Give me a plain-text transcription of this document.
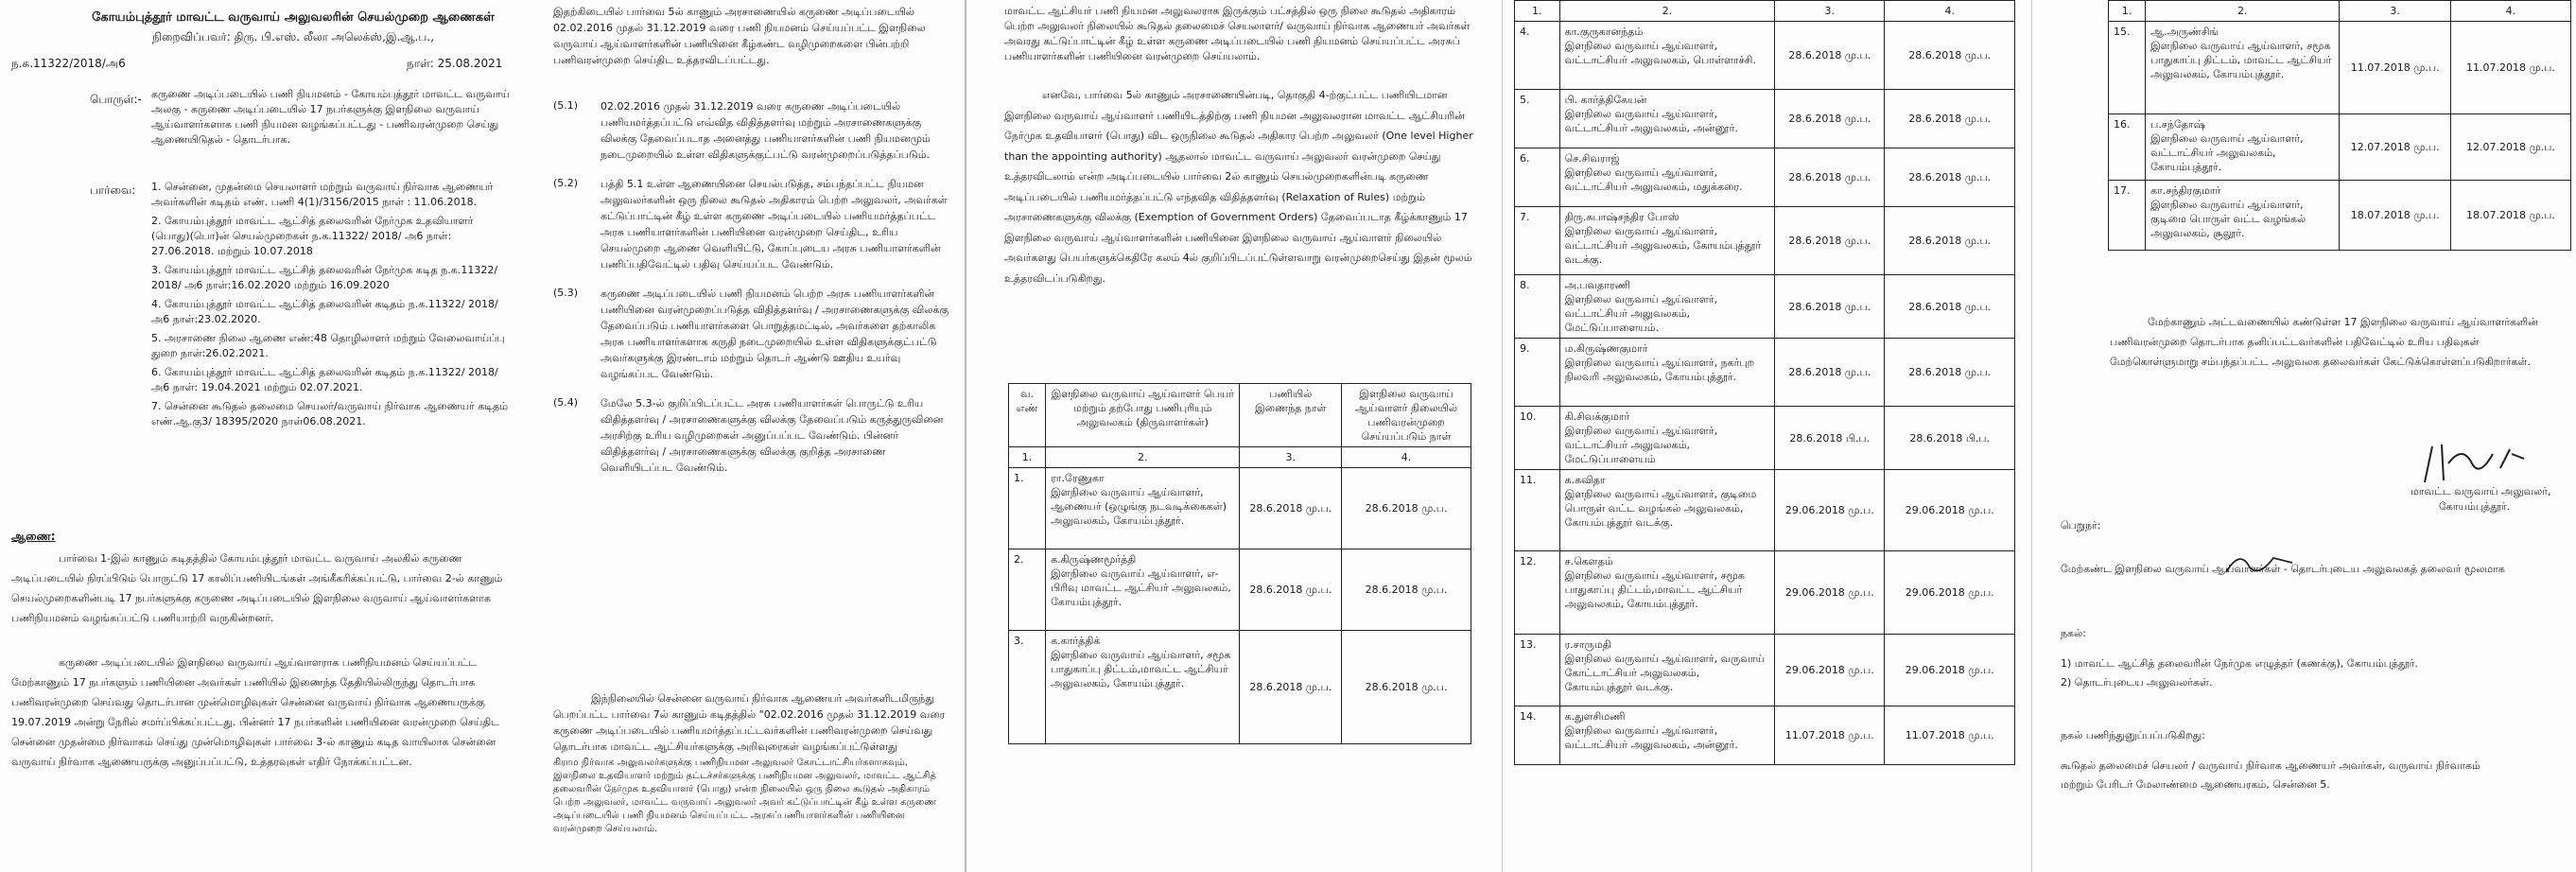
கோயம்புத்தூர் மாவட்ட வருவாய் அலுவலரின் செயல்முறை ஆணைகள்
நிறைவிப்பவர்: திரு. பி.எஸ். லீலா அலெக்ஸ்,இ.ஆ.ப.,
ந.க.11322/2018/அ6	நாள்: 25.08.2021
பொருள்:- கருணை அடிப்படையில் பணி நியமனம் - கோயம்புத்தூர் மாவட்ட வருவாய் அலகு - கருணை அடிப்படையில் 17 நபர்களுக்கு இளநிலை வருவாய் ஆய்வாளர்களாக பணி நியமன வழங்கப்பட்டது - பணிவரன்முறை செய்து ஆணையிடுதல் - தொடர்பாக.
பார்வை: 1. சென்னை, முதன்மை செயலாளர் மற்றும் வருவாய் நிர்வாக ஆணையர் அவர்களின் கடிதம் எண். பணி 4(1)/3156/2015 நாள் : 11.06.2018.
2. கோயம்புத்தூர் மாவட்ட ஆட்சித் தலைவரின் நேர்முக உதவியாளர் (பொது)(பொ)ன் செயல்முறைகள் ந.க.11322/ 2018/ அ6 நாள்: 27.06.2018. மற்றும் 10.07.2018
3. கோயம்புத்தூர் மாவட்ட ஆட்சித் தலைவரின் நேர்முக கடித ந.க.11322/ 2018/ அ6 நாள்:16.02.2020 மற்றும் 16.09.2020
4. கோயம்புத்தூர் மாவட்ட ஆட்சித் தலைவரின் கடிதம் ந.க.11322/ 2018/ அ6 நாள்:23.02.2020.
5. அரசாணை நிலை ஆணை எண்:48 தொழிலாளர் மற்றும் வேலைவாய்ப்பு துறை நாள்:26.02.2021.
6. கோயம்புத்தூர் மாவட்ட ஆட்சித் தலைவரின் கடிதம் ந.க.11322/ 2018/ அ6 நாள்: 19.04.2021 மற்றும் 02.07.2021.
7. சென்னை கூடுதல் தலைமை செயலர்/வருவாய் நிர்வாக ஆணையர் கடிதம் எண்.ஆ.கு3/ 18395/2020 நாள்06.08.2021.
ஆணை:
பார்வை 1-இல் காணும் கடிதத்தில் கோயம்புத்தூர் மாவட்ட வருவாய் அலகில் கருணை அடிப்படையில் நிரப்பிடும் பொருட்டு 17 காலிப்பணியிடங்கள் அங்கீகரிக்கப்பட்டு, பார்வை 2-ல் காணும் செயல்முறைகளின்படி 17 நபர்களுக்கு கருணை அடிப்படையில் இளநிலை வருவாய் ஆய்வாளர்களாக பணிநியமனம் வழங்கப்பட்டு பணியாற்றி வருகின்றனர்.
கருணை அடிப்படையில் இளநிலை வருவாய் ஆய்வாளராக பணிநியமனம் செய்யப்பட்ட மேற்காணும் 17 நபர்களும் பணியினை அவர்கள் பணியில் இணைந்த தேதியில்லிருந்து தொடர்பாக பணிவரன்முறை செய்வது தொடர்பான முன்மொழிவுகள் சென்னை வருவாய் நிர்வாக ஆணையருக்கு 19.07.2019 அன்று நேரில் சமர்ப்பிக்கப்பட்டது. பின்னர் 17 நபர்களின் பணியினை வரன்முறை செய்திட சென்னை முதன்மை நிர்வாகம் செய்து முன்மொழிவுகள் பார்வை 3-ல் காணும் கடித வாயிலாக சென்னை வருவாய் நிர்வாக ஆணையருக்கு அனுப்பப்பட்டு, உத்தரவுகள் எதிர் நோக்கப்பட்டன.
இதற்கிடையில் பார்வை 5ல் காணும் அரசாணையில் கருணை அடிப்படையில் 02.02.2016 முதல் 31.12.2019 வரை பணி நியமனம் செய்யப்பட்ட இளநிலை வருவாய் ஆய்வாளர்களின் பணியினை கீழ்கண்ட வழிமுறைகளை பின்பற்றி பணிவரன்முறை செய்திட உத்தரவிடப்பட்டது.
(5.1)	02.02.2016 முதல் 31.12.2019 வரை கருணை அடிப்படையில் பணியமர்த்தப்பட்டு எவ்வித விதித்தளர்வு மற்றும் அரசாணைகளுக்கு விலக்கு தேவைப்படாத அனைத்து பணியாளர்களின் பணி நியமனமும் நடைமுறையில் உள்ள விதிகளுக்குட்பட்டு வரன்முறைப்படுத்தப்படும்.
(5.2)	பத்தி 5.1 உள்ள ஆணையினை செயல்படுத்த, சம்பந்தப்பட்ட நியமன அலுவலர்களின் ஒரு நிலை கூடுதல் அதிகாரம் பெற்ற அலுவலர், அவர்கள் கட்டுப்பாட்டின் கீழ் உள்ள கருணை அடிப்படையில் பணியமர்த்தப்பட்ட அரசு பணியாளர்களின் பணியினை வரன்முறை செய்திட, உரிய செயல்முறை ஆணை வெளியிட்டு, கோப்புடைய அரசு பணியாளர்களின் பணிப்பதிவேட்டில் பதிவு செய்யப்பட வேண்டும்.
(5.3)	கருணை அடிப்படையில் பணி நியமனம் பெற்ற அரசு பணியாளர்களின் பணியினை வரன்முறைப்படுத்த விதித்தளர்வு / அரசாணைகளுக்கு விலக்கு தேவைப்படும் பணியாளர்களை பொறுத்தமட்டில், அவர்களை தற்காலிக அரசு பணியாளர்களாக கருதி நடைமுறையில் உள்ள விதிகளுக்குட்பட்டு அவர்களுக்கு இரண்டாம் மற்றும் தொடர் ஆண்டு ஊதிய உயர்வு வழங்கப்பட வேண்டும்.
(5.4)	மேலே 5.3-ல் குறிப்பிடப்பட்ட அரசு பணியாளர்கள் பொருட்டு உரிய விதித்தளர்வு / அரசாணைகளுக்கு விலக்கு தேவைப்படும் கருத்துருவினை அரசிற்கு உரிய வழிமுறைகள் அனுப்பப்பட வேண்டும். பின்னர் விதித்தளர்வு / அரசாணைகளுக்கு விலக்கு குறித்த அரசாணை வெளியிடப்பட வேண்டும்.
இந்நிலையில் சென்னை வருவாய் நிர்வாக ஆணையர் அவர்களிடமிருந்து பெறப்பட்ட பார்வை 7ல் காணும் கடிதத்தில் "02.02.2016 முதல் 31.12.2019 வரை கருணை அடிப்படையில் பணியமர்த்தப்பட்டவர்களின் பணிவரன்முறை செய்வது தொடர்பாக மாவட்ட ஆட்சியர்களுக்கு அறிவுரைகள் வழங்கப்பட்டுள்ளது
கிராம நிர்வாக அலுவலர்களுக்கு பணிநியமன அலுவலர் கோட்டாட்சியர்களாகவும், இளநிலை உதவியாளர் மற்றும் தட்டச்சர்களுக்கு பணிநியமன அலுவலர், மாவட்ட ஆட்சித் தலைவரின் நேர்முக உதவியாளர் (பொது) என்ற நிலையில் ஒரு நிலை கூடுதல் அதிகாரம் பெற்ற அலுவலர், மாவட்ட வருவாய் அலுவலர் அவர் கட்டுப்பாட்டின் கீழ் உள்ள கருணை அடிப்படையில் பணி நியமனம் செய்யப்பட்ட அரசுப்பணியாளர்களின் பணியினை வரன்முறை செய்யலாம்.
மாவட்ட ஆட்சியர் பணி நியமன அலுவலராக இருக்கும் பட்சத்தில் ஒரு நிலை கூடுதல் அதிகாரம் பெற்ற அலுவலர் நிலையில் கூடுதல் தலைமைச் செயலாளர்/ வருவாய் நிர்வாக ஆணையர் அவர்கள் அவரது கட்டுப்பாட்டின் கீழ் உள்ள கருணை அடிப்படையில் பணி நியமனம் செய்யப்பட்ட அரசுப் பணியாளர்களின் பணியினை வரன்முறை செய்யலாம்.
எனவே, பார்வை 5ல் காணும் அரசாணையின்படி, தொகுதி 4-ற்குட்பட்ட பணியிடமான இளநிலை வருவாய் ஆய்வாளர் பணியிடத்திற்கு பணி நியமன அலுவலரான மாவட்ட ஆட்சியரின் நேர்முக உதவியாளர் (பொது) விட ஒருநிலை கூடுதல் அதிகார பெற்ற அலுவலர் (One level Higher than the appointing authority) ஆதலால் மாவட்ட வருவாய் அலுவலர் வரன்முறை செய்து உத்தரவிடலாம் என்ற அடிப்படையில் பார்வை 2ல் காணும் செயல்முறைகளின்படி கருணை அடிப்படையில் பணியமர்த்தப்பட்டு எந்தவித விதித்தளர்வு (Relaxation of Rules) மற்றும் அரசாணைகளுக்கு விலக்கு (Exemption of Government Orders) தேவைப்படாத கீழ்க்காணும் 17 இளநிலை வருவாய் ஆய்வாளர்களின் பணியினை இளநிலை வருவாய் ஆய்வாளர் நிலையில் அவர்களது பெயர்களுக்கெதிரே கலம் 4ல் குறிப்பிடப்பட்டுள்ளவாறு வரன்முறைசெய்து இதன் மூலம் உத்தரவிடப்படுகிறது.
வ. எண்	இளநிலை வருவாய் ஆய்வாளர் பெயர் மற்றும் தற்போது பணிபுரியும் அலுவலகம் (திருவாளர்கள்)	பணியில் இணைந்த நாள்	இளநிலை வருவாய் ஆய்வாளர் நிலையில் பணிவரன்முறை செய்யப்படும் நாள்
1.	2.	3.	4.
1.	ரா.ரேணுகா
இளநிலை வருவாய் ஆய்வாளர், ஆணையர் (ஒழுங்கு நடவடிக்கைகள்) அலுவலகம், கோயம்புத்தூர்.	28.6.2018 மு.ப.	28.6.2018 மு.ப.
2.	க.கிருஷ்ணமூர்த்தி
இளநிலை வருவாய் ஆய்வாளர், எ-பிரிவு மாவட்ட ஆட்சியர் அலுவலகம், கோயம்புத்தூர்.	28.6.2018 மு.ப.	28.6.2018 மு.ப.
3.	க.கார்த்திக்
இளநிலை வருவாய் ஆய்வாளர், சமூக பாதுகாப்பு திட்டம்,மாவட்ட ஆட்சியர் அலுவலகம், கோயம்புத்தூர்.	28.6.2018 மு.ப.	28.6.2018 மு.ப.
1.	2.	3.	4.
4.	கா.குருகானந்தம்
இளநிலை வருவாய் ஆய்வாளர், வட்டாட்சியர் அலுவலகம், பொள்ளாச்சி.	28.6.2018 மு.ப.	28.6.2018 மு.ப.
5.	பி. கார்த்திகேயன்
இளநிலை வருவாய் ஆய்வாளர், வட்டாட்சியர் அலுவலகம், அன்னூர்.	28.6.2018 மு.ப.	28.6.2018 மு.ப.
6.	செ.சிவராஜ்
இளநிலை வருவாய் ஆய்வாளர், வட்டாட்சியர் அலுவலகம், மதுக்கரை.	28.6.2018 மு.ப.	28.6.2018 மு.ப.
7.	திரு.சுபாஷ்சந்திர போஸ்
இளநிலை வருவாய் ஆய்வாளர், வட்டாட்சியர் அலுவலகம், கோயம்புத்தூர் வடக்கு.	28.6.2018 மு.ப.	28.6.2018 மு.ப.
8.	அ.பவதாரணி
இளநிலை வருவாய் ஆய்வாளர், வட்டாட்சியர் அலுவலகம், மேட்டுப்பாளையம்.	28.6.2018 மு.ப.	28.6.2018 மு.ப.
9.	ம.கிருஷ்ணகுமார்
இளநிலை வருவாய் ஆய்வாளர், நகர்புற நிலவரி அலுவலகம், கோயம்புத்தூர்.	28.6.2018 மு.ப.	28.6.2018 மு.ப.
10.	கி.சிவக்குமார்
இளநிலை வருவாய் ஆய்வாளர், வட்டாட்சியர் அலுவலகம், மேட்டுப்பாளையம்	28.6.2018 பி.ப.	28.6.2018 பி.ப.
11.	க.கவிதா
இளநிலை வருவாய் ஆய்வாளர், குடிமை பொருள் வட்ட வழங்கல் அலுவலகம், கோயம்புத்தூர் வடக்கு.	29.06.2018 மு.ப.	29.06.2018 மு.ப.
12.	ச.கௌதம்
இளநிலை வருவாய் ஆய்வாளர், சமூக பாதுகாப்பு திட்டம்,மாவட்ட ஆட்சியர் அலுவலகம், கோயம்புத்தூர்.	29.06.2018 மு.ப.	29.06.2018 மு.ப.
13.	ர.சாருமதி
இளநிலை வருவாய் ஆய்வாளர், வருவாய் கோட்டாட்சியர் அலுவலகம், கோயம்புத்தூர் வடக்கு.	29.06.2018 மு.ப.	29.06.2018 மு.ப.
14.	க.துளசிமணி
இளநிலை வருவாய் ஆய்வாளர், வட்டாட்சியர் அலுவலகம், அன்னூர்.	11.07.2018 மு.ப.	11.07.2018 மு.ப.
1.	2.	3.	4.
15.	ஆ.அருண்சிங்
இளநிலை வருவாய் ஆய்வாளர், சமூக பாதுகாப்பு திட்டம், மாவட்ட ஆட்சியர் அலுவலகம், கோயம்புத்தூர்.	11.07.2018 மு.ப.	11.07.2018 மு.ப.
16.	ப.சந்தோஷ்
இளநிலை வருவாய் ஆய்வாளர், வட்டாட்சியர் அலுவலகம், கோயம்புத்தூர்.	12.07.2018 மு.ப.	12.07.2018 மு.ப.
17.	கா.சந்திரகுமார்
இளநிலை வருவாய் ஆய்வாளர், குடிமை பொருள் வட்ட வழங்கல் அலுவலகம், சூலூர்.	18.07.2018 மு.ப.	18.07.2018 மு.ப.
மேற்காணும் அட்டவணையில் கண்டுள்ள 17 இளநிலை வருவாய் ஆய்வாளர்களின் பணிவரன்முறை தொடர்பாக தனிப்பட்டவர்களின் பதிவேட்டில் உரிய பதிவுகள் மேற்கொள்ளுமாறு சம்பந்தப்பட்ட அலுவலக தலைவர்கள் கேட்டுக்கொள்ளப்படுகிறார்கள்.
மாவட்ட வருவாய் அலுவலர்,
கோயம்புத்தூர்.
பெறுநர்:
மேற்கண்ட இளநிலை வருவாய் ஆய்வாளர்கள் - தொடர்புடைய அலுவலகத் தலைவர் மூலமாக
நகல்:
1) மாவட்ட ஆட்சித் தலைவரின் நேர்முக எழுத்தர் (கணக்கு), கோயம்புத்தூர்.
2) தொடர்புடைய அலுவலர்கள்.
நகல் பணிந்துனுப்பப்படுகிறது:
கூடுதல் தலைமைச் செயலர் / வருவாய் நிர்வாக ஆணையர் அவர்கள், வருவாய் நிர்வாகம் மற்றும் பேரிடர் மேலாண்மை ஆணையரகம், சென்னை 5.
